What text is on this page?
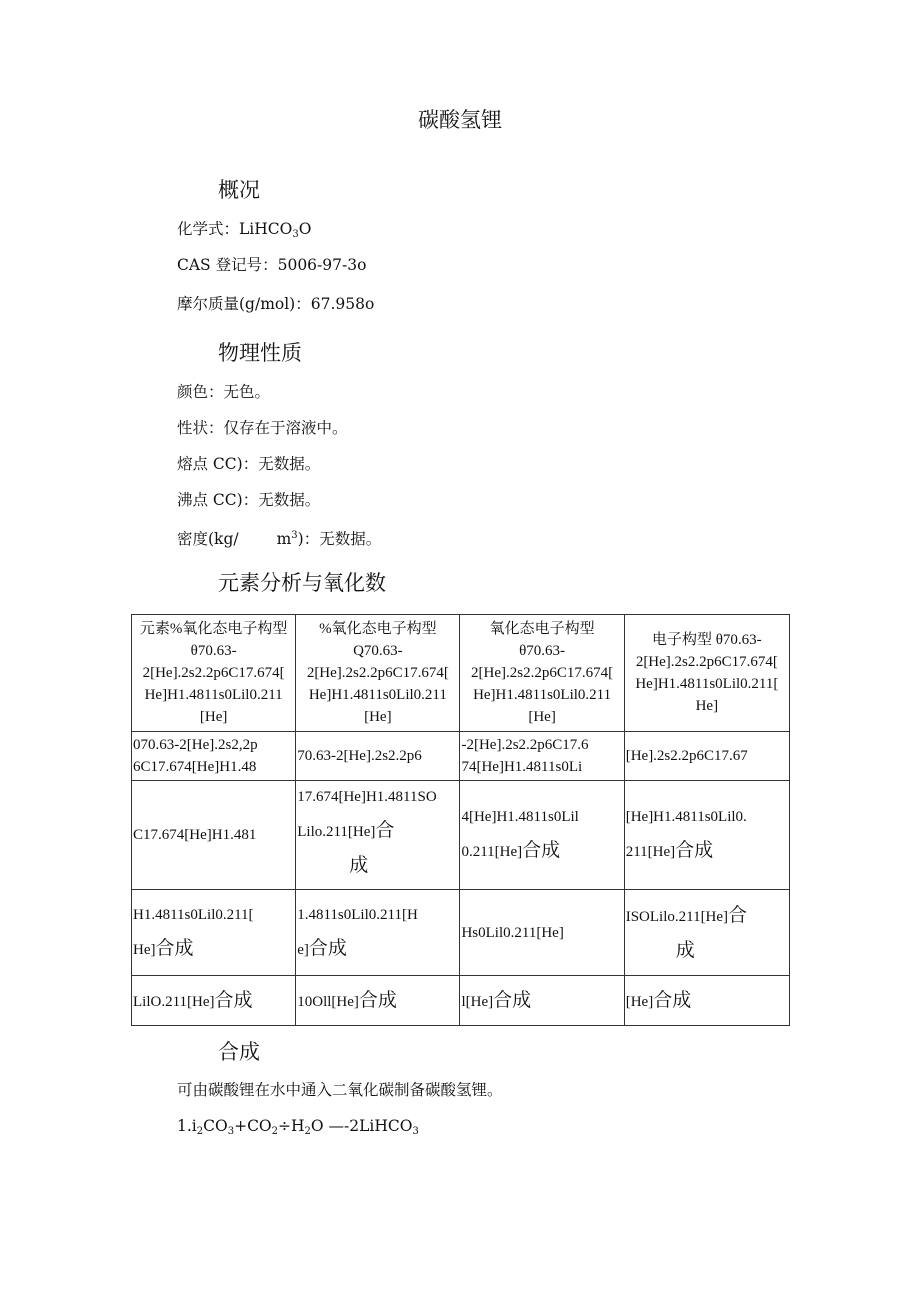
碳酸氢锂
概况
化学式：LiHCO$_3$O
CAS 登记号：5006-97-3o
摩尔质量(g/mol)：67.958o
物理性质
颜色：无色。
性状：仅存在于溶液中。
熔点 CC)：无数据。
沸点 CC)：无数据。
密度(kg/ $m^3$)：无数据。
元素分析与氧化数
元素%氧化态电子构型
θ70.63-
2[He].2s2.2p6C17.674[
He]H1.4811s0Lil0.211
[He]	%氧化态电子构型
Q70.63-
2[He].2s2.2p6C17.674[
He]H1.4811s0Lil0.211
[He]	氧化态电子构型
θ70.63-
2[He].2s2.2p6C17.674[
He]H1.4811s0Lil0.211
[He]	电子构型 θ70.63-
2[He].2s2.2p6C17.674[
He]H1.4811s0Lil0.211[
He]

070.63-2[He].2s2,2p
6C17.674[He]H1.48	70.63-2[He].2s2.2p6	-2[He].2s2.2p6C17.6
74[He]H1.4811s0Li	[He].2s2.2p6C17.67

C17.674[He]H1.481	17.674[He]H1.4811SO
Lilo.211[He]合
成	4[He]H1.4811s0Lil
0.211[He]合成	[He]H1.4811s0Lil0.
211[He]合成

H1.4811s0Lil0.211[
He]合成	1.4811s0Lil0.211[H
e]合成	Hs0Lil0.211[He]	ISOLilo.211[He]合
成

LilO.211[He]合成	10Oll[He]合成	l[He]合成	[He]合成
合成
可由碳酸锂在水中通入二氧化碳制备碳酸氢锂。
$1.i_2CO_3+CO_2\div H_2O$ —-2LiHCO$_3$
